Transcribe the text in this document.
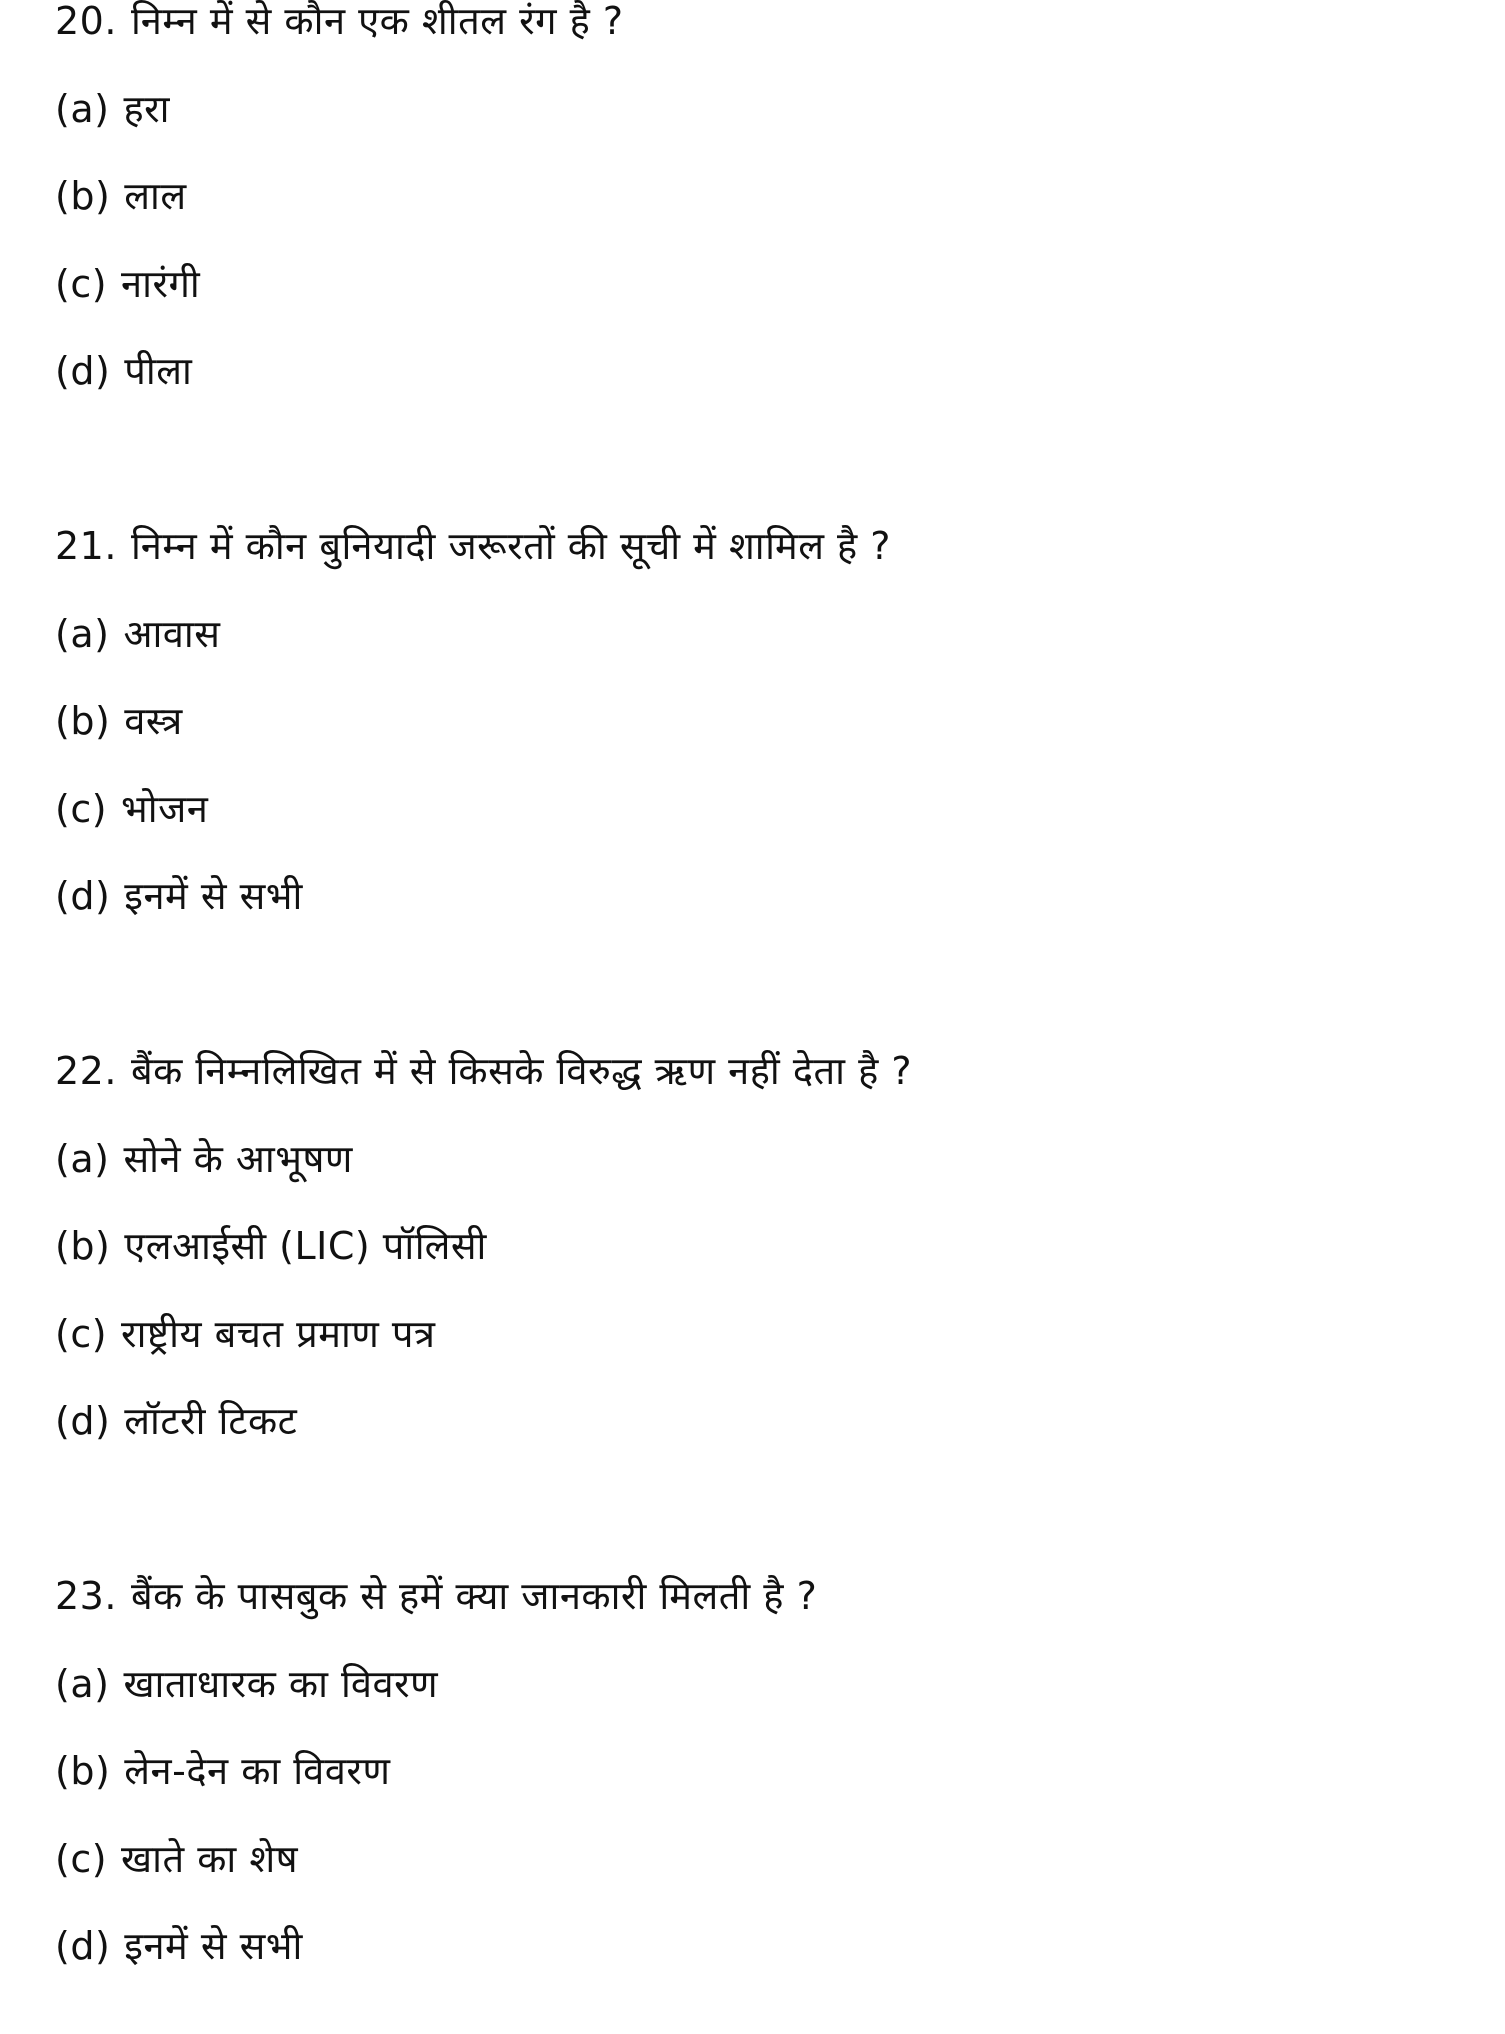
20. निम्न में से कौन एक शीतल रंग है ?
(a) हरा
(b) लाल
(c) नारंगी
(d) पीला
21. निम्न में कौन बुनियादी जरूरतों की सूची में शामिल है ?
(a) आवास
(b) वस्त्र
(c) भोजन
(d) इनमें से सभी
22. बैंक निम्नलिखित में से किसके विरुद्ध ऋण नहीं देता है ?
(a) सोने के आभूषण
(b) एलआईसी (LIC) पॉलिसी
(c) राष्ट्रीय बचत प्रमाण पत्र
(d) लॉटरी टिकट
23. बैंक के पासबुक से हमें क्या जानकारी मिलती है ?
(a) खाताधारक का विवरण
(b) लेन-देन का विवरण
(c) खाते का शेष
(d) इनमें से सभी
